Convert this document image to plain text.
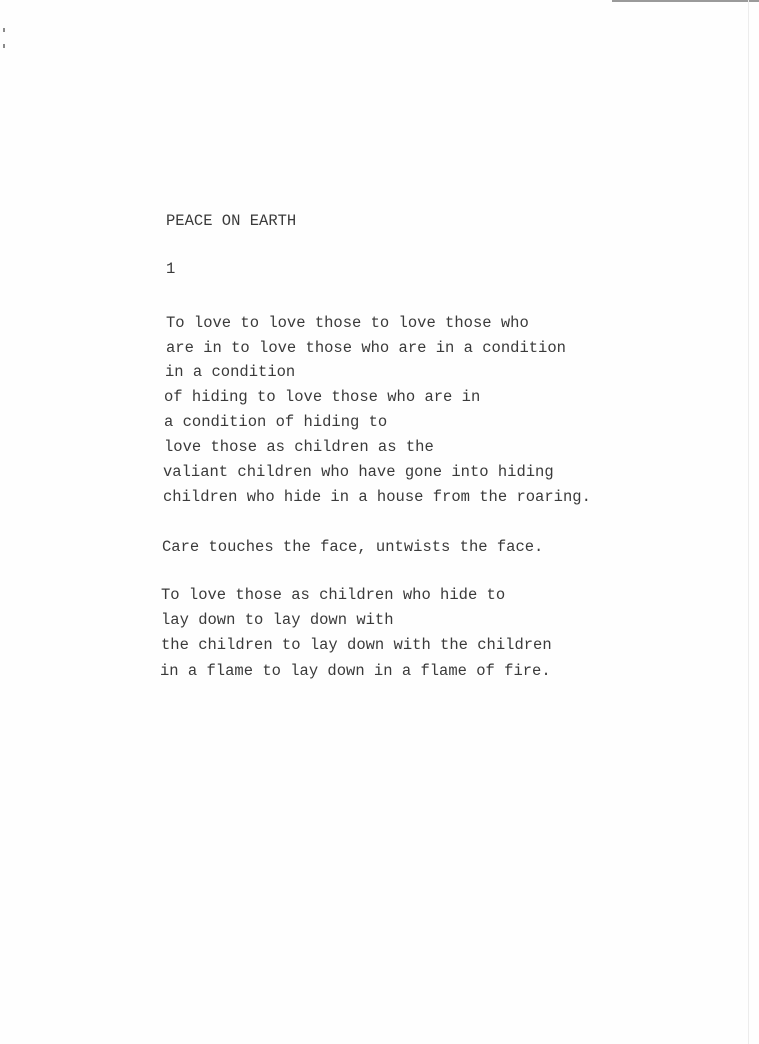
PEACE ON EARTH
1
To love to love those to love those who
are in to love those who are in a condition
in a condition
of hiding to love those who are in
a condition of hiding to
love those as children as the
valiant children who have gone into hiding
children who hide in a house from the roaring.
Care touches the face, untwists the face.
To love those as children who hide to
lay down to lay down with
the children to lay down with the children
in a flame to lay down in a flame of fire.
